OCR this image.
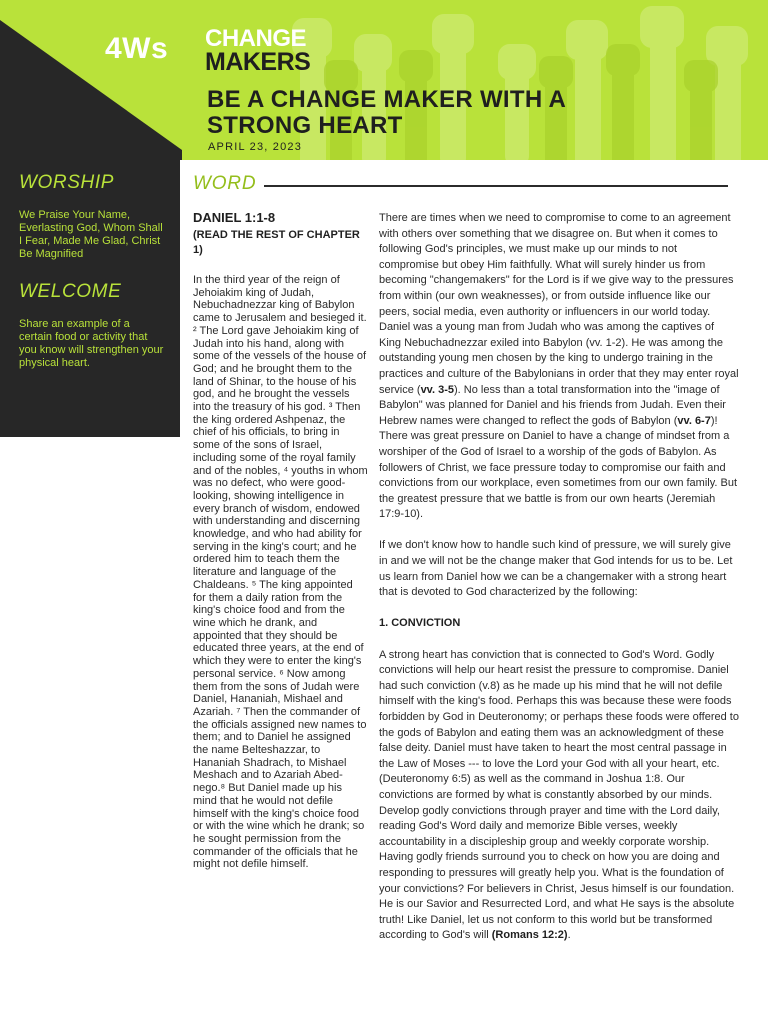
4Ws CHANGE
MAKERS
BE A CHANGE MAKER WITH A STRONG HEART
APRIL 23, 2023
WORSHIP
We Praise Your Name, Everlasting God, Whom Shall I Fear, Made Me Glad, Christ Be Magnified
WELCOME
Share an example of a certain food or activity that you know will strengthen your physical heart.
WORD
DANIEL 1:1-8
(READ THE REST OF CHAPTER 1)
In the third year of the reign of Jehoiakim king of Judah, Nebuchadnezzar king of Babylon came to Jerusalem and besieged it. ² The Lord gave Jehoiakim king of Judah into his hand, along with some of the vessels of the house of God; and he brought them to the land of Shinar, to the house of his god, and he brought the vessels into the treasury of his god. ³ Then the king ordered Ashpenaz, the chief of his officials, to bring in some of the sons of Israel, including some of the royal family and of the nobles, ⁴ youths in whom was no defect, who were good-looking, showing intelligence in every branch of wisdom, endowed with understanding and discerning knowledge, and who had ability for serving in the king's court; and he ordered him to teach them the literature and language of the Chaldeans. ⁵ The king appointed for them a daily ration from the king's choice food and from the wine which he drank, and appointed that they should be educated three years, at the end of which they were to enter the king's personal service. ⁶ Now among them from the sons of Judah were Daniel, Hananiah, Mishael and Azariah. ⁷ Then the commander of the officials assigned new names to them; and to Daniel he assigned the name Belteshazzar, to Hananiah Shadrach, to Mishael Meshach and to Azariah Abed-nego.⁸ But Daniel made up his mind that he would not defile himself with the king's choice food or with the wine which he drank; so he sought permission from the commander of the officials that he might not defile himself.

There are times when we need to compromise to come to an agreement with others over something that we disagree on. But when it comes to following God's principles, we must make up our minds to not compromise but obey Him faithfully. What will surely hinder us from becoming "changemakers" for the Lord is if we give way to the pressures from within (our own weaknesses), or from outside influence like our peers, social media, even authority or influencers in our world today. Daniel was a young man from Judah who was among the captives of King Nebuchadnezzar exiled into Babylon (vv. 1-2). He was among the outstanding young men chosen by the king to undergo training in the practices and culture of the Babylonians in order that they may enter royal service (vv. 3-5). No less than a total transformation into the "image of Babylon" was planned for Daniel and his friends from Judah. Even their Hebrew names were changed to reflect the gods of Babylon (vv. 6-7)! There was great pressure on Daniel to have a change of mindset from a worshiper of the God of Israel to a worship of the gods of Babylon. As followers of Christ, we face pressure today to compromise our faith and convictions from our workplace, even sometimes from our own family. But the greatest pressure that we battle is from our own hearts (Jeremiah 17:9-10).

If we don't know how to handle such kind of pressure, we will surely give in and we will not be the change maker that God intends for us to be. Let us learn from Daniel how we can be a changemaker with a strong heart that is devoted to God characterized by the following:

1. CONVICTION

A strong heart has conviction that is connected to God's Word. Godly convictions will help our heart resist the pressure to compromise. Daniel had such conviction (v.8) as he made up his mind that he will not defile himself with the king's food. Perhaps this was because these were foods forbidden by God in Deuteronomy; or perhaps these foods were offered to the gods of Babylon and eating them was an acknowledgment of these false deity. Daniel must have taken to heart the most central passage in the Law of Moses --- to love the Lord your God with all your heart, etc. (Deuteronomy 6:5) as well as the command in Joshua 1:8. Our convictions are formed by what is constantly absorbed by our minds. Develop godly convictions through prayer and time with the Lord daily, reading God's Word daily and memorize Bible verses, weekly accountability in a discipleship group and weekly corporate worship. Having godly friends surround you to check on how you are doing and responding to pressures will greatly help you. What is the foundation of your convictions? For believers in Christ, Jesus himself is our foundation. He is our Savior and Resurrected Lord, and what He says is the absolute truth! Like Daniel, let us not conform to this world but be transformed according to God's will (Romans 12:2).
